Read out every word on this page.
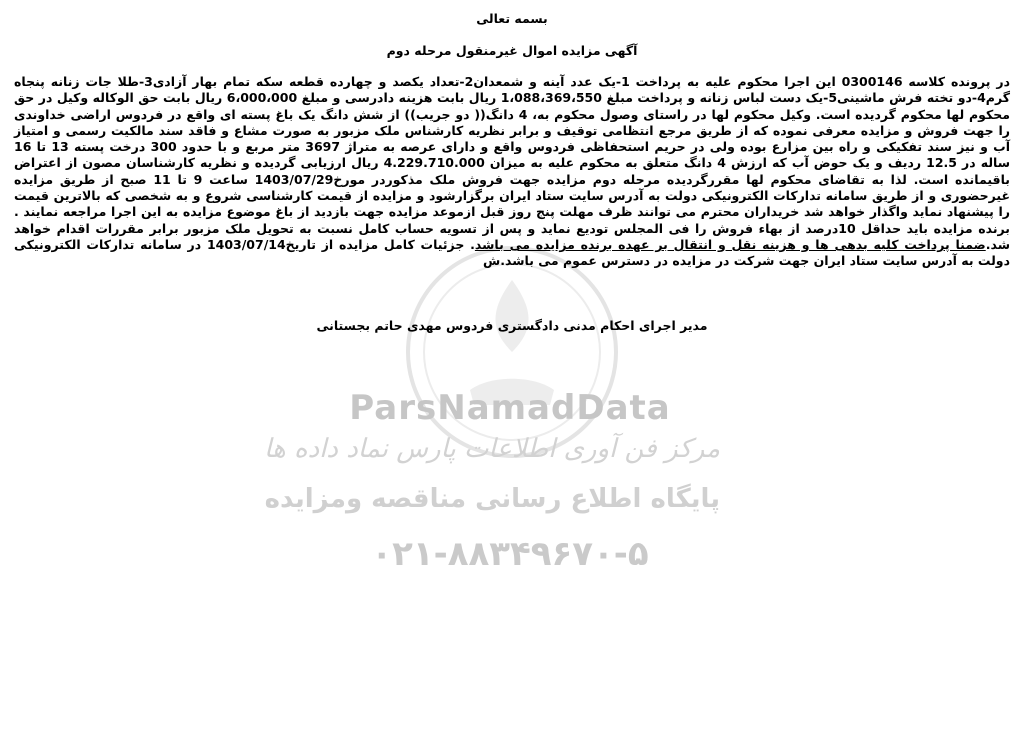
ParsNamadData
مرکز فن آوری اطلاعات پارس نماد داده ها
پایگاه اطلاع رسانی مناقصه ومزایده
۰۲۱-۸۸۳۴۹۶۷۰-۵
بسمه تعالی
آگهی مزایده اموال غیرمنقول مرحله دوم
در پرونده کلاسه 0300146 این اجرا محکوم علیه به پرداخت 1-یک عدد آینه و شمعدان2-تعداد یکصد و چهارده قطعه سکه تمام بهار آزادی3-طلا جات زنانه پنجاه گرم4-دو تخته فرش ماشینی5-یک دست لباس زنانه و پرداخت مبلغ 1،088،369،550 ریال بابت هزینه دادرسی و مبلغ 6،000،000 ریال بابت حق الوکاله وکیل در حق محکوم لها محکوم گردیده است. وکیل محکوم لها در راستای وصول محکوم به، 4 دانگ(( دو جریب)) از شش دانگ یک باغ پسته ای واقع در فردوس اراضی خداوندی را جهت فروش و مزایده معرفی نموده که از طریق مرجع انتظامی توقیف و برابر نظریه کارشناس ملک مزبور به صورت مشاع و فاقد سند مالکیت رسمی و امتیاز آب و نیز سند تفکیکی و راه بین مزارع بوده ولی در حریم استحفاظی فردوس واقع و دارای عرصه به متراژ 3697 متر مربع و با حدود 300 درخت پسته 13 تا 16 ساله در 12.5 ردیف و یک حوض آب که ارزش 4 دانگ متعلق به محکوم علیه به میزان 4.229.710.000 ریال ارزیابی گردیده و نظریه کارشناسان مصون از اعتراض باقیمانده است. لذا به تقاضای محکوم لها مقررگردیده مرحله دوم مزایده جهت فروش ملک مذکوردر مورخ1403/07/29 ساعت 9 تا 11 صبح از طریق مزایده غیرحضوری و از طریق سامانه تدارکات الکترونیکی دولت به آدرس سایت ستاد ایران برگزارشود و مزایده از قیمت کارشناسی شروع و به شخصی که بالاترین قیمت را پیشنهاد نماید واگذار خواهد شد خریداران محترم می توانند ظرف مهلت پنج روز قبل ازموعد مزایده جهت بازدید از باغ موضوع مزایده به این اجرا مراجعه نمایند . برنده مزایده باید حداقل 10درصد از بهاء فروش را فی المجلس تودیع نماید و پس از تسویه حساب کامل نسبت به تحویل ملک مزبور برابر مقررات اقدام خواهد شد.ضمنا پرداخت کلیه بدهی ها و هزینه نقل و انتقال بر عهده برنده مزایده می باشد. جزئیات کامل مزایده از تاریخ1403/07/14 در سامانه تدارکات الکترونیکی دولت به آدرس سایت ستاد ایران جهت شرکت در مزایده در دسترس عموم می باشد.ش
مدیر اجرای احکام مدنی دادگستری فردوس مهدی حاتم بجستانی
